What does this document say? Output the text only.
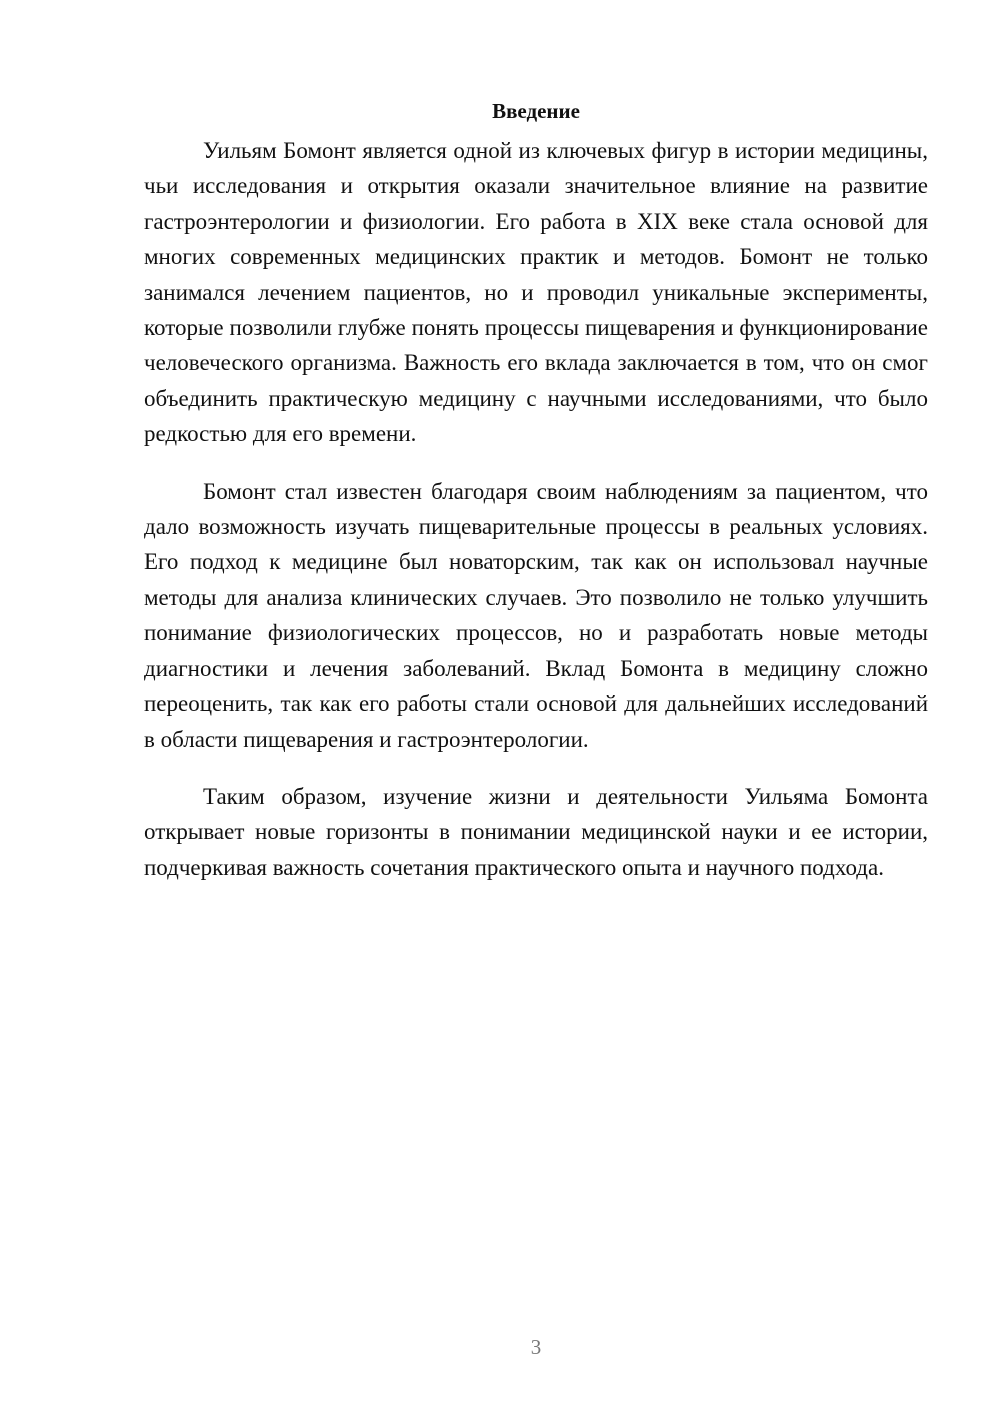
Введение

Уильям Бомонт является одной из ключевых фигур в истории медицины, чьи исследования и открытия оказали значительное влияние на развитие гастроэнтерологии и физиологии. Его работа в XIX веке стала основой для многих современных медицинских практик и методов. Бомонт не только занимался лечением пациентов, но и проводил уникальные эксперименты, которые позволили глубже понять процессы пищеварения и функционирование человеческого организма. Важность его вклада заключается в том, что он смог объединить практическую медицину с научными исследованиями, что было редкостью для его времени.

Бомонт стал известен благодаря своим наблюдениям за пациентом, что дало возможность изучать пищеварительные процессы в реальных условиях. Его подход к медицине был новаторским, так как он использовал научные методы для анализа клинических случаев. Это позволило не только улучшить понимание физиологических процессов, но и разработать новые методы диагностики и лечения заболеваний. Вклад Бомонта в медицину сложно переоценить, так как его работы стали основой для дальнейших исследований в области пищеварения и гастроэнтерологии.

Таким образом, изучение жизни и деятельности Уильяма Бомонта открывает новые горизонты в понимании медицинской науки и ее истории, подчеркивая важность сочетания практического опыта и научного подхода.

3
